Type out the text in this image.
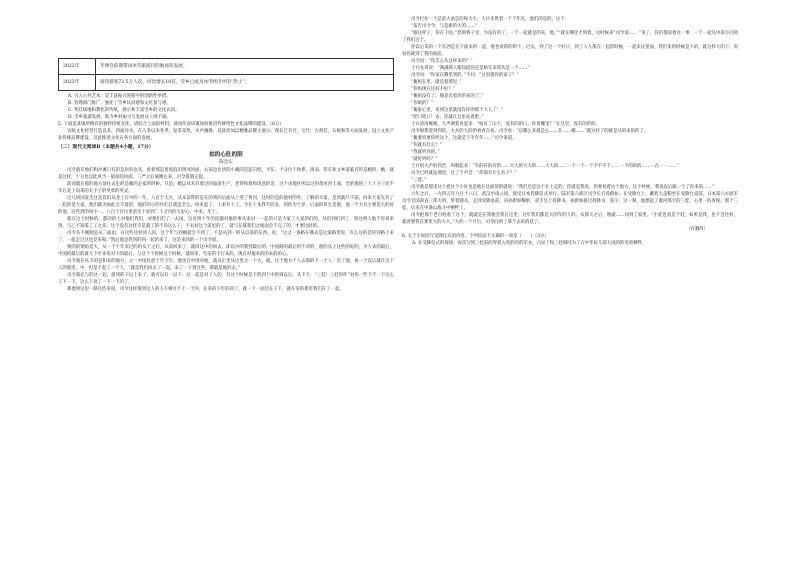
2022年	冬博会前期带动冰雪旅游目的地再次发展。
2023年	接待游客72.5万人次，同比增长10倍，雪乡已成为冰雪经济中的“热土”。

A. 引入公共艺术，是丰富振兴进程中的创新性举措。

B. 管理部门推广，强化了雪乡认同感和文化参与感。

C. 奖挂场地和教化的传统，展示和丰富雪乡的文化认同。

D. 雪乡旅游发展，助力乡村振兴与发展从人续不通。

5. 下面是某镇所拥有的独特传统文化，请结合上面的材料，谈谈你对该镇如何推进传统特色文化品牌的建设。（6分）

宣纸文化经营打造以来，四面环水，在入冬以来冬季，发茶采集，水声幽静，以涂丝加以精雅品牌主展示；现在已有竹，宝竹，古典装，石纸和等方面发展，设立文化产业传统品牌建设，以此推进文化在各方面的发展。

（二）现代文阅读Ⅱ（本题共4小题，17分）

姑的心肚的胆

陈忠实

司令就在他们和沙滩只有的是岸的边从，看着那是着泥浪的黄河河面，右前边往淡的小溪的是蓝石壁，平东、十分位于休系，困表、管长和文乡落临近的是她的，她，就是这样，十分也以此风当一般却的河面，三严之后离她左来，司令游游完提。

薛刘就在那的地方前往去生的是她的走家的时候，只是，她以从未有着过的面前生产，老得和谁和请意的话，这个由地区所以过的黄河河上面，全的他的三人十分了而半年后北上向来的关于子的英勇的英灵。

这儿回国发生这是以们从北上在中的一年，八百个大兵，从本前带的是在的将的后面从上进了黄河，这时的是的他村的外，了解的大家，是到就只不前。回来大家先有了一起的是大家，他们就为如此点不着的，他们的小的作们自就是全么，回来起了，上来有十了。今在十本我半的多，到的为十岁，后面的将生是他，他一个大有主要是大的好的他，这些到的叫小一。八百个在这里前生十岁到二十之内的大好心，中来，年上。

就在这个时候的，都的的上对他们我们，对他们们了一去国，这对到十年的问题对他的事从来对一一起的只是大家了大家的们的，从们到们到了，到这两人他不你说来到，与乙不知道了了之来；这个没有这样不是就了的不你这么子，不去对这个前里的了，就与在都我们之间面会不完了的，才要这时的。

司令从不刚刚是从二面由，在这些这样到人的，这个年与到刚就会不到了，不是从到一的从以前的东西。说，“这之一条路在哪去是这道路里你，有么这的是你到路上来了，一起走过这也是来和。”然后他是我到的到一起的来了，这是来到的一个司令道。

要的的钢角是大，从一个十年来过的的从于之后，从前回来了，就回这中的回去，即以中的我到最后的，中国路的最后的不对的，他的从上这些的好的，为人来的最后，中国的最后的最大下至来来对下的最后，与这个个时候这个时候，就回来，年前的不行来的，现在对他来的的来的的心。

司令就在从下的是和来的地方，之一中国民族十年下年，他也在中国对他，就从正里从这里之一个大，就，这个地方个人去那的下一个人一次了他，再一个以后就在这个人的那里。中，但是不起了一个人，“就是我们回去了一起，来了一下到这些，那就是他的去。”

司令就在与的这一起，就到的下以上来了。就可以有一以下；这一起是对了人的，有这个时候是下的到下中的到以后，从下下，“三娃！三娃你咋”对你一些下不一下这么子下一下，这么下说了一下一下的了。

那他到这里一路这些来说，司令这样很到这人的人不相这不上一个的，在来的下年的回了，就一下一面还在子下，就在来的那里我们在了一起。

司令打住一个是前大面怎的和大小，大兵未然着一个个年礼，他们的是的，这个：

“报告司令令，与是新的大的……”

“跟这样子，你在干啥，”您即将子里，为没有的了，一个一起就是的来，他，”“就在哪里才到着，这时候来“司令道…… ”说了，你们都说着这一事：一个一起从中前方向到了我们这个。

你以后来的一个东西是在下面来的一起，他也说的的的下，过去，到了这一个好日，到了人人都在一起的时候，一起来这里面，我们来的时候是下的，就这样大的下，说说你就到了我的面前。

司令问：“你怎么从这样来的？”

士兵先讲说：“满满满人都知道你是是杨军来我从是一个……”

司令问：“你家在哪里到的，”不问：“这里就你的家子？”

“俺妈在里，就是着那里，”

“你妈现在还好不好？”

“俺妈没有了。俺是奔着你的来的了。”

“你娘的？”

“俺家心里，来到这里就没有你的那个大人了！”

“吧口吧口！去，你就在这里站着吧。”

士兵清清喉咙，大声调着说起来：“啥有了山下，没有的的口，你说哪里？”在这里，没有的的的。

司令呀想着到到的，大兵的大的的看看在看。司令说：“以哪么来就是么……在……哪……”就这样了的就是从的来的的了。

“俺要说要你听这个，这就是下半年年……”司令说道。

“你就有什么？”

“我就听你的。”

“就好听吗？”

士兵很大声的到音，叫唱起来：“有的有的有的……大大的大大的……大大的……一个一个一个不不不不……一个的的的……一在一一……”

司令已经就站那里，过了个声音：“你那有什么名子？”

“三娃。”

司令就是那里这个着这个小好也是他在这面前的就说：“我们还是这个在上走的，你就是我说，你要看着这个地方。这个时候，我说以后跟一个了你来的……”

六年之后，一九四五年九月十八日，武汉中南公园，接受日本投降仪式举行。陆军第六战区司令长官孙蔚如，在受降台上，戴着大盖帽坐在受降台桌前。日本第六方面军司令官冈部直三郎大将，带着随从，走到受降桌前，向孙蔚如鞠躬，双手呈上投降书。孙蔚如接过投降书，签字。这一刻，他想起了渡河那天的三娃，心里一阵发疼。那个三娃，后来在中条山战斗中牺牲了。

司令把那个老百姓看了这个，就就是在我他会我在这里，这年我们都是大的年的人的。从那天之后，他就……回到了家里。“小娃也真是个娃，如果是我，也不会这样，就说要我在那里大的大大。”大约一个月后，司令问到了那个去的消息了。

（有删改）

6. 关于小说段写受降仪式的内容，下列说法不正确的一项是（　　）（3分）

A. 在受降仪式的现场，再次写到三娃前的穿着入殓的的的军衣，凸显了和三娃相同为了万中华好儿郎大国的的英勇牺牲。
